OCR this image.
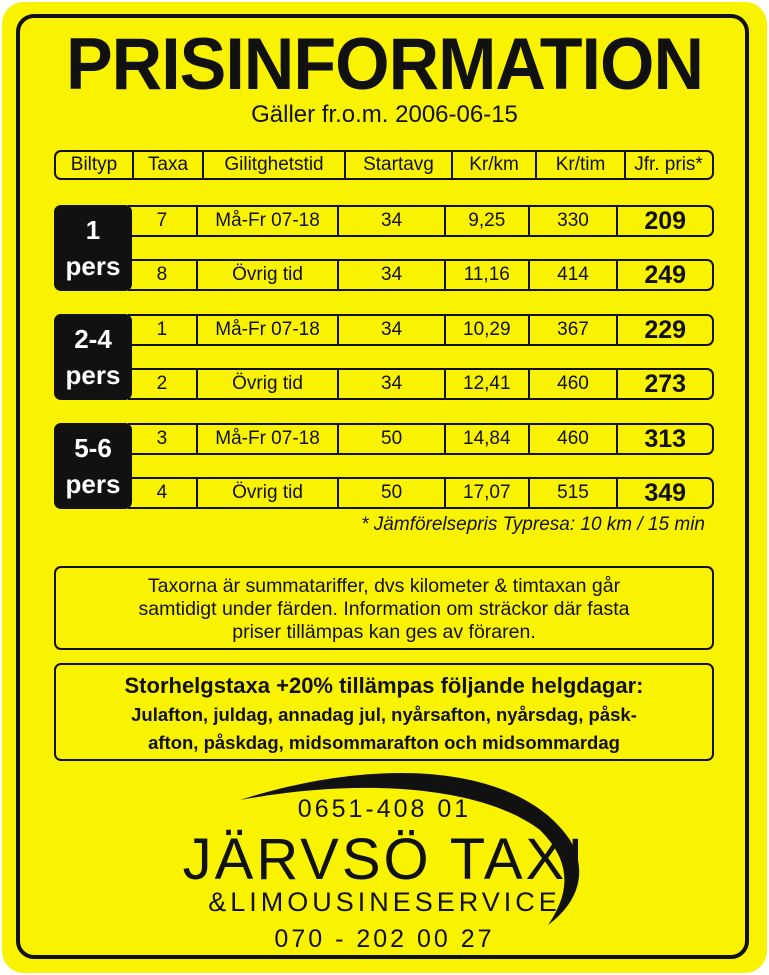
PRISINFORMATION
Gäller fr.o.m. 2006-06-15
Biltyp	Taxa	Gilitghetstid	Startavg	Kr/km	Kr/tim	Jfr. pris*
1
pers
7	Må-Fr 07-18	34	9,25	330	209
8	Övrig tid	34	11,16	414	249
2-4
pers
1	Må-Fr 07-18	34	10,29	367	229
2	Övrig tid	34	12,41	460	273
5-6
pers
3	Må-Fr 07-18	50	14,84	460	313
4	Övrig tid	50	17,07	515	349
* Jämförelsepris Typresa: 10 km / 15 min
Taxorna är summatariffer, dvs kilometer & timtaxan går
samtidigt under färden. Information om sträckor där fasta
priser tillämpas kan ges av föraren.
Storhelgstaxa +20% tillämpas följande helgdagar:
Julafton, juldag, annadag jul, nyårsafton, nyårsdag, påsk-
afton, påskdag, midsommarafton och midsommardag
0651-408 01
JÄRVSÖ TAXI
&LIMOUSINESERVICE
070 - 202 00 27
